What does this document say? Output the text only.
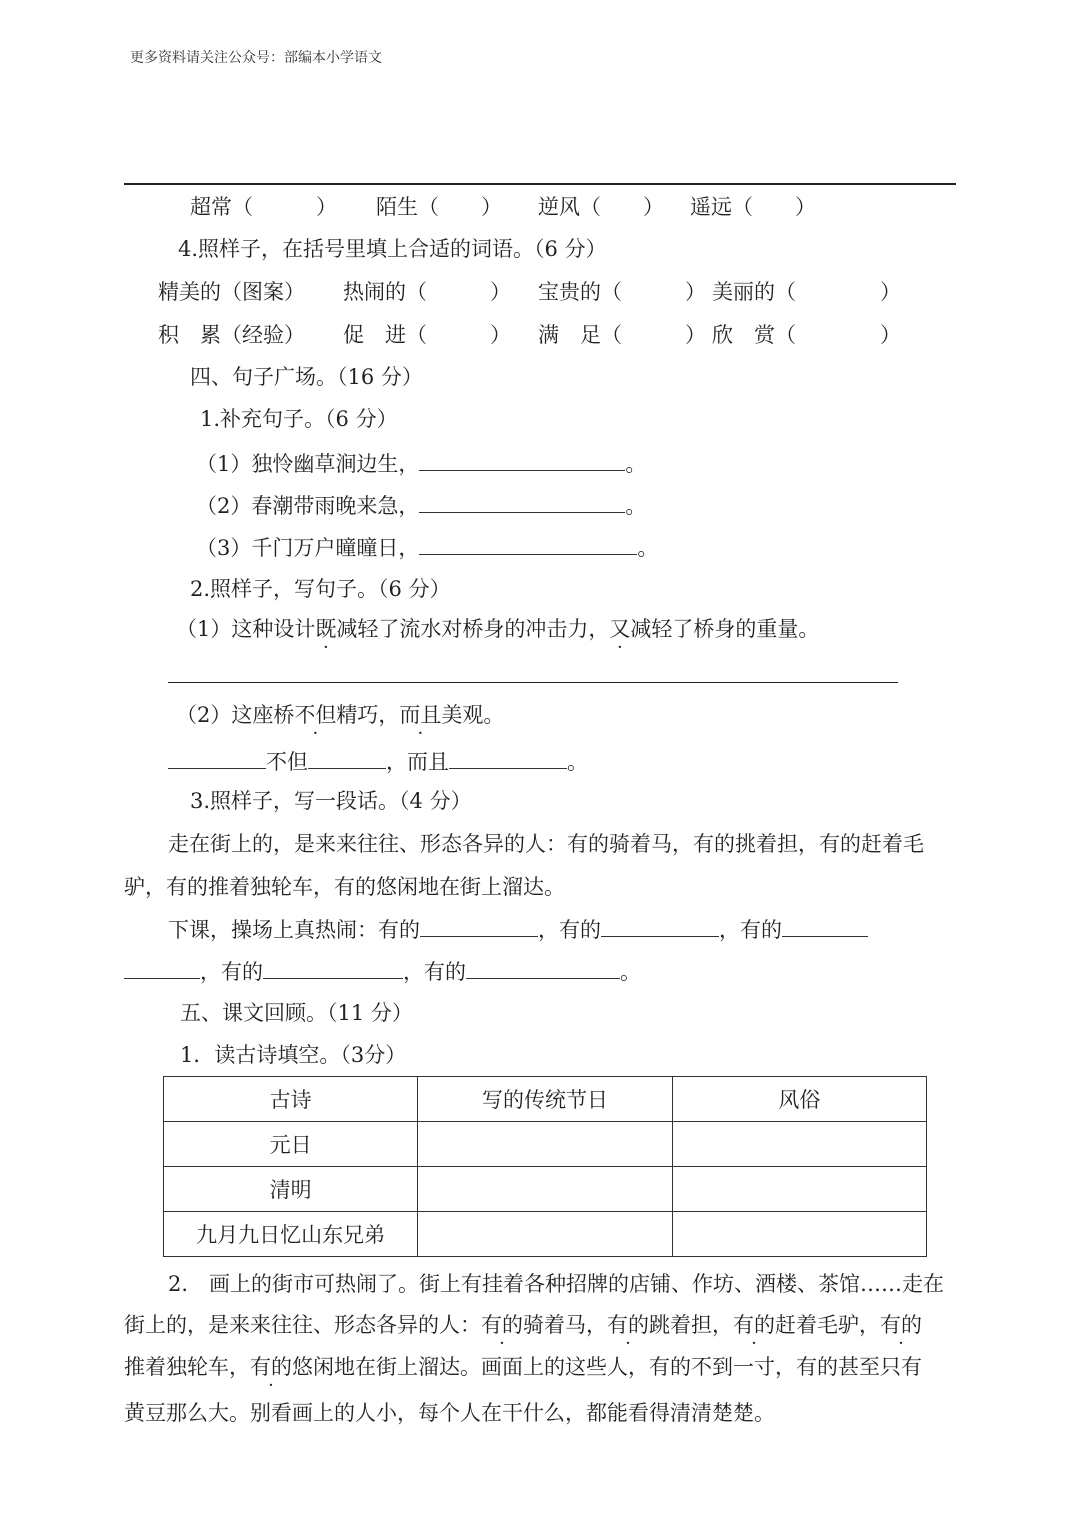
更多资料请关注公众号：部编本小学语文
超常（　　　） 陌生（　　） 逆风（　　） 遥远（　　）
4.照样子，在括号里填上合适的词语。（6 分）
精美的（图案） 热闹的（　　　） 宝贵的（　　　） 美丽的（　　　　）
积　累（经验） 促　进（　　　） 满　足（　　　） 欣　赏（　　　　）
四、句子广场。（16 分）
1.补充句子。（6 分）
（1）独怜幽草涧边生，	。
（2）春潮带雨晚来急，	。
（3）千门万户曈曈日，	。
2.照样子，写句子。（6 分）
（1）这种设计既减轻了流水对桥身的冲击力，又减轻了桥身的重量。
（2）这座桥不但精巧，而且美观。
不但	，而且	。
3.照样子，写一段话。（4 分）
走在街上的，是来来往往、形态各异的人：有的骑着马，有的挑着担，有的赶着毛
驴，有的推着独轮车，有的悠闲地在街上溜达。
下课，操场上真热闹：有的	，有的	，有的
，有的	，有的	。
五、课文回顾。（11 分）
1．读古诗填空。（3分）
古诗	写的传统节日	风俗
元日		
清明		
九月九日忆山东兄弟		
2.　画上的街市可热闹了。街上有挂着各种招牌的店铺、作坊、酒楼、茶馆……走在
街上的，是来来往往、形态各异的人：有的骑着马，有的跳着担，有的赶着毛驴，有的
推着独轮车，有的悠闲地在街上溜达。画面上的这些人，有的不到一寸，有的甚至只有
黄豆那么大。别看画上的人小，每个人在干什么，都能看得清清楚楚。
